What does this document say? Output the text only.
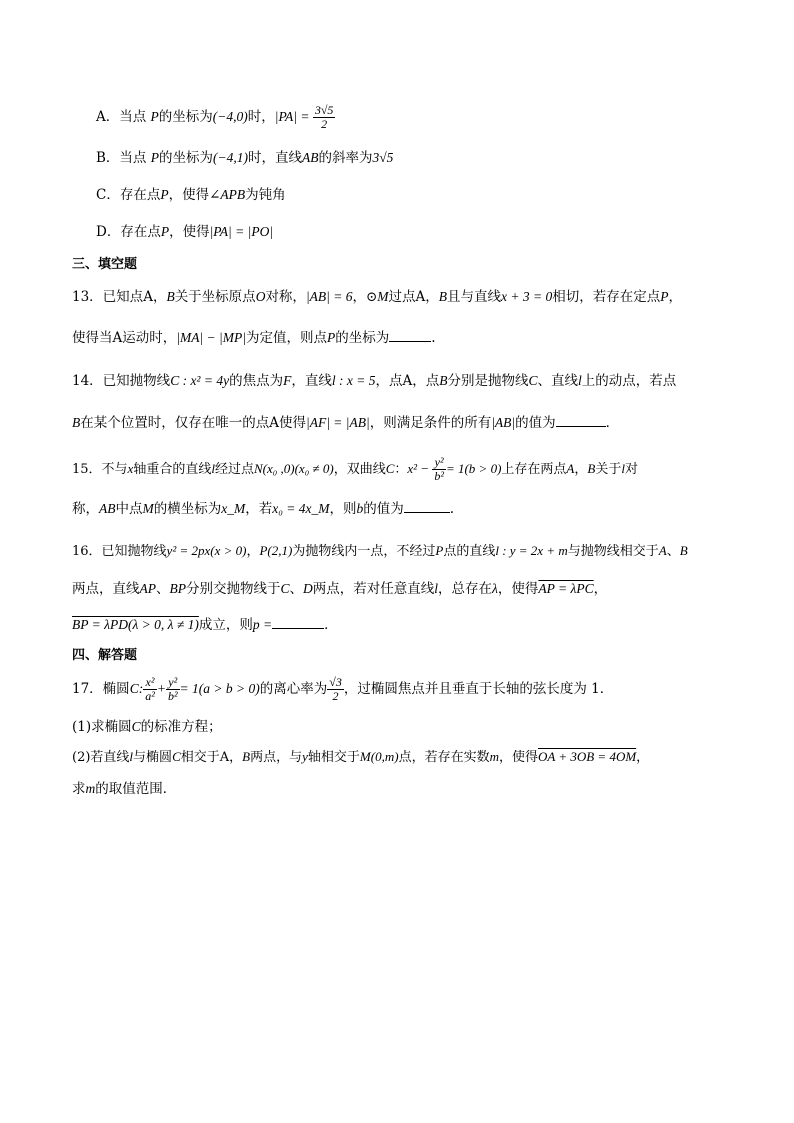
A．当点 P的坐标为(−4,0)时，$|PA| = \frac{3√5}{2}$
B．当点 P的坐标为(−4,1)时，直线AB的斜率为3√5
C．存在点P，使得∠APB为钝角
D．存在点P，使得|PA| = |PO|
三、填空题
13．已知点A，B关于坐标原点O对称，|AB| = 6，⊙M过点A，B且与直线x + 3 = 0相切，若存在定点P，
使得当A运动时，|MA| − |MP|为定值，则点P的坐标为	.
14．已知抛物线C : x² = 4y的焦点为F，直线l : x = 5，点A，点B分别是抛物线C、直线l上的动点，若点
B在某个位置时，仅存在唯一的点A使得|AF| = |AB|，则满足条件的所有|AB|的值为	．
15．不与x轴重合的直线l经过点N(x₀ ,0)(x₀ ≠ 0)，双曲线C：$x^2 - \frac{\text{y²}}{\text{b²}} = 1(b > 0)$上存在两点A，B关于l对
称，AB中点M的横坐标为x_M，若x₀ = 4x_M，则b的值为	.
16．已知抛物线y² = 2px(x > 0)，P(2,1)为抛物线内一点，不经过P点的直线l : y = 2x + m与抛物线相交于A、B
两点，直线AP、BP分别交抛物线于C、D两点，若对任意直线l，总存在λ，使得AP = λPC，
BP = λPD(λ > 0, λ ≠ 1)成立，则p =	．
四、解答题
17．椭圆C: $\frac{\text{x²}}{\text{a²}} + \frac{\text{y²}}{\text{b²}} = 1(a > b > 0)$的离心率为 $\frac{√3}{2}$ ，过椭圆焦点并且垂直于长轴的弦长度为 1．
(1)求椭圆C的标准方程；
(2)若直线l与椭圆C相交于A，B两点，与y轴相交于M(0,m)点，若存在实数m，使得OA + 3OB = 4OM，
求m的取值范围．
